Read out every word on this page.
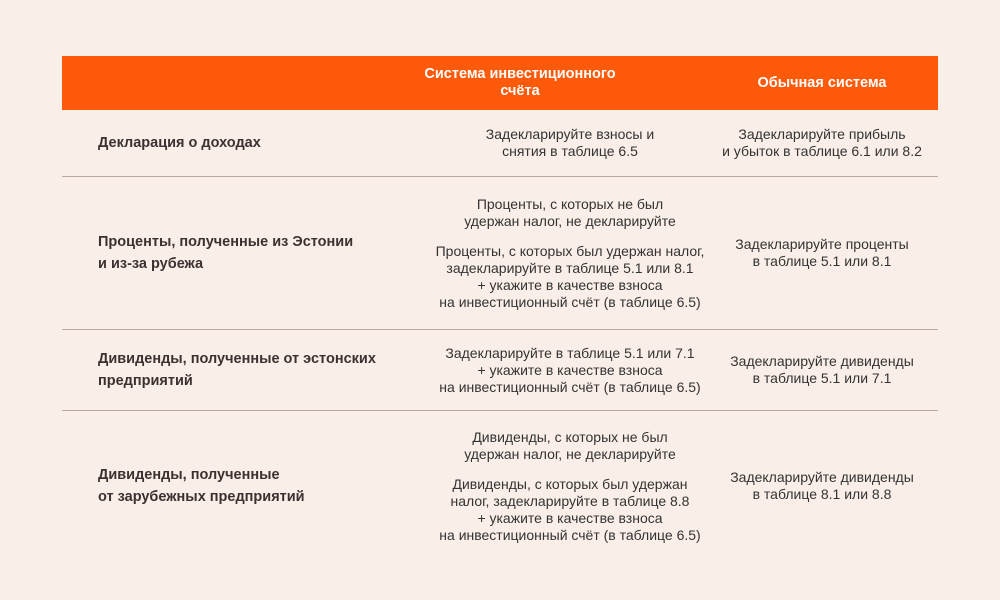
Система инвестиционного
счёта
Обычная система
Декларация о доходах
Задекларируйте взносы и
снятия в таблице 6.5
Задекларируйте прибыль
и убыток в таблице 6.1 или 8.2
Проценты, полученные из Эстонии
и из-за рубежа
Проценты, с которых не был
удержан налог, не декларируйте
Проценты, с которых был удержан налог,
задекларируйте в таблице 5.1 или 8.1
+ укажите в качестве взноса
на инвестиционный счёт (в таблице 6.5)
Задекларируйте проценты
в таблице 5.1 или 8.1
Дивиденды, полученные от эстонских
предприятий
Задекларируйте в таблице 5.1 или 7.1
+ укажите в качестве взноса
на инвестиционный счёт (в таблице 6.5)
Задекларируйте дивиденды
в таблице 5.1 или 7.1
Дивиденды, полученные
от зарубежных предприятий
Дивиденды, с которых не был
удержан налог, не декларируйте
Дивиденды, с которых был удержан
налог, задекларируйте в таблице 8.8
+ укажите в качестве взноса
на инвестиционный счёт (в таблице 6.5)
Задекларируйте дивиденды
в таблице 8.1 или 8.8
